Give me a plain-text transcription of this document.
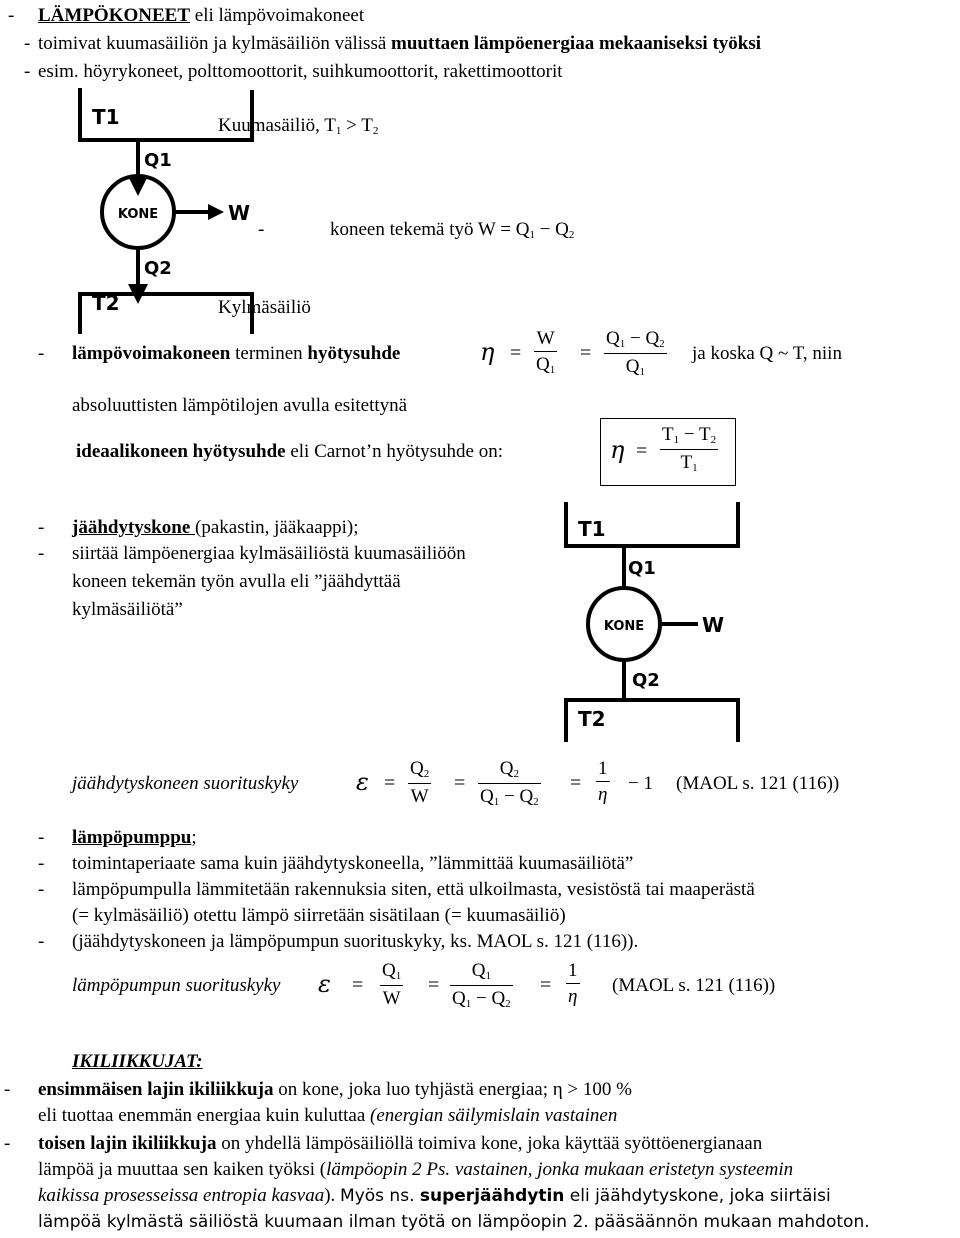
- LÄMPÖKONEET eli lämpövoimakoneet
toimivat kuumasäiliön ja kylmäsäiliön välissä muuttaen lämpöenergiaa mekaaniseksi työksi
esim. höyrykoneet, polttomoottorit, suihkumoottorit, rakettimoottorit
-
-
T1
Q1
KONE	W
Q2
T2
Kuumasäiliö, $T_1 > T_2$
-	koneen tekemä työ $W = Q_1 - Q_2$
Kylmäsäiliö
- lämpövoimakoneen terminen hyötysuhde	η =
W
$Q_1$
=
$Q_1 - Q_2$
$Q_1$
ja koska Q ~ T, niin
absoluuttisten lämpötilojen avulla esitettynä
ideaalikoneen hyötysuhde eli Carnot’n hyötysuhde on:	η =
$T_1 - T_2$
$T_1$
- jäähdytyskone (pakastin, jääkaappi);
- siirtää lämpöenergiaa kylmäsäiliöstä kuumasäiliöön
koneen tekemän työn avulla eli ”jäähdyttää
kylmäsäiliötä”
T1
Q1
KONE	W
Q2
T2
jäähdytyskoneen suorituskyky ε =
$Q_2$
W
=
$Q_2$
$Q_1 - Q_2$
=
1
η
− 1 (MAOL s. 121 (116))
- lämpöpumppu;
- toimintaperiaate sama kuin jäähdytyskoneella, ”lämmittää kuumasäiliötä”
- lämpöpumpulla lämmitetään rakennuksia siten, että ulkoilmasta, vesistöstä tai maaperästä
(= kylmäsäiliö) otettu lämpö siirretään sisätilaan (= kuumasäiliö)
- (jäähdytyskoneen ja lämpöpumpun suorituskyky, ks. MAOL s. 121 (116)).
lämpöpumpun suorituskyky ε =
$Q_1$
W
=
$Q_1$
$Q_1 - Q_2$
=
1
η
(MAOL s. 121 (116))
IKILIIKKUJAT:
- ensimmäisen lajin ikiliikkuja on kone, joka luo tyhjästä energiaa; η > 100 %
eli tuottaa enemmän energiaa kuin kuluttaa (energian säilymislain vastainen
- toisen lajin ikiliikkuja on yhdellä lämpösäiliöllä toimiva kone, joka käyttää syöttöenergianaan
lämpöä ja muuttaa sen kaiken työksi (lämpöopin 2 Ps. vastainen, jonka mukaan eristetyn systeemin
kaikissa prosesseissa entropia kasvaa). Myös ns. superjäähdytin eli jäähdytyskone, joka siirtäisi
lämpöä kylmästä säiliöstä kuumaan ilman työtä on lämpöopin 2. pääsäännön mukaan mahdoton.
